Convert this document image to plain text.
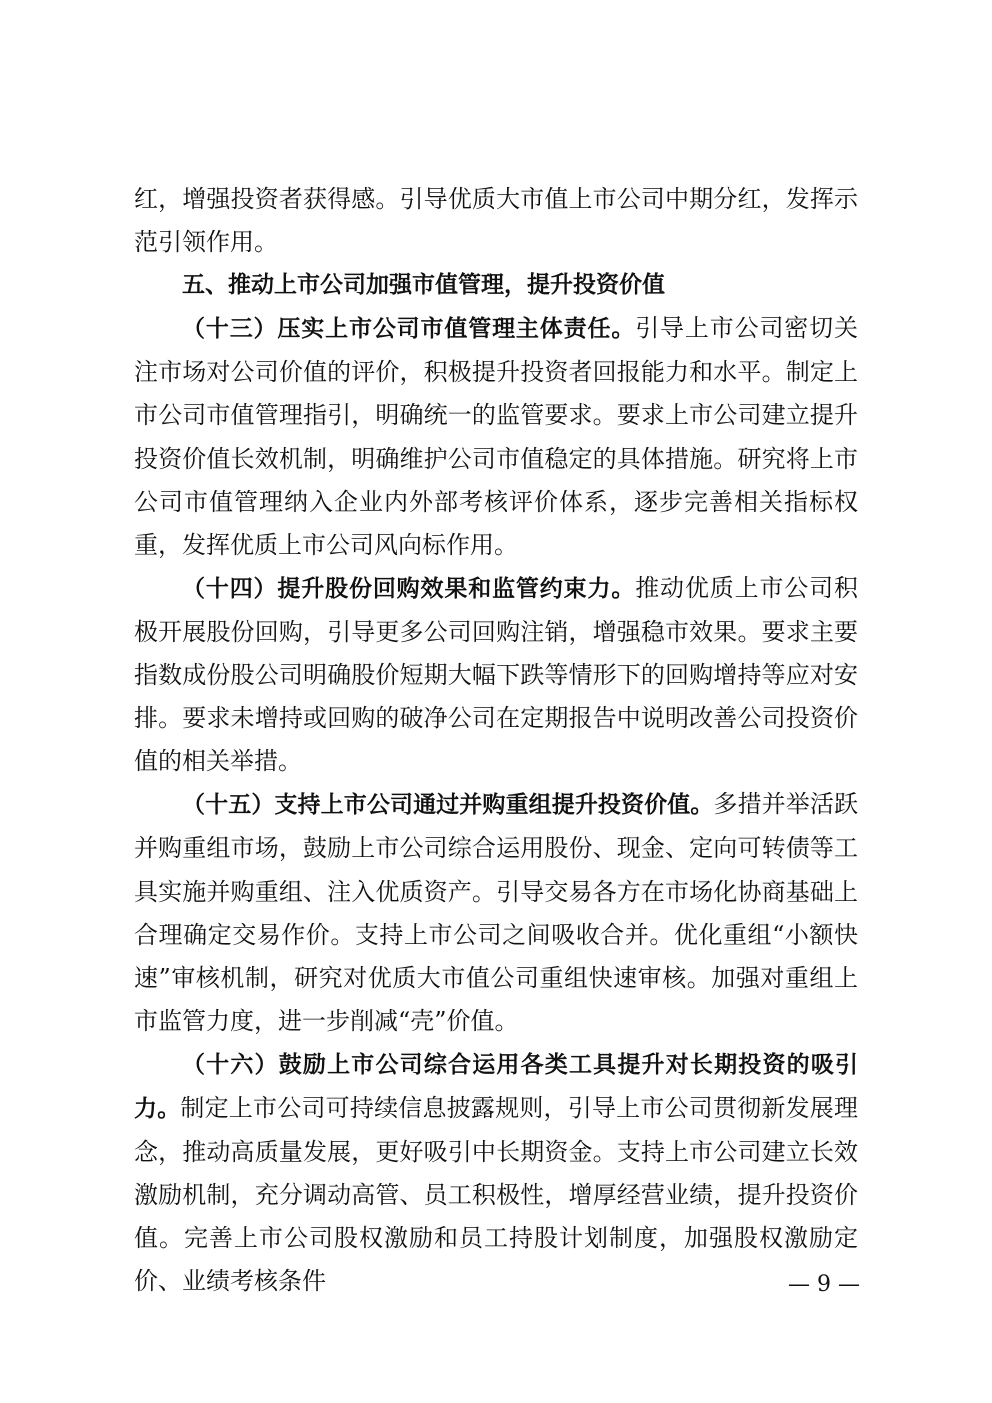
红，增强投资者获得感。引导优质大市值上市公司中期分红，发挥示范引领作用。

五、推动上市公司加强市值管理，提升投资价值

（十三）压实上市公司市值管理主体责任。引导上市公司密切关注市场对公司价值的评价，积极提升投资者回报能力和水平。制定上市公司市值管理指引，明确统一的监管要求。要求上市公司建立提升投资价值长效机制，明确维护公司市值稳定的具体措施。研究将上市公司市值管理纳入企业内外部考核评价体系，逐步完善相关指标权重，发挥优质上市公司风向标作用。

（十四）提升股份回购效果和监管约束力。推动优质上市公司积极开展股份回购，引导更多公司回购注销，增强稳市效果。要求主要指数成份股公司明确股价短期大幅下跌等情形下的回购增持等应对安排。要求未增持或回购的破净公司在定期报告中说明改善公司投资价值的相关举措。

（十五）支持上市公司通过并购重组提升投资价值。多措并举活跃并购重组市场，鼓励上市公司综合运用股份、现金、定向可转债等工具实施并购重组、注入优质资产。引导交易各方在市场化协商基础上合理确定交易作价。支持上市公司之间吸收合并。优化重组“小额快速”审核机制，研究对优质大市值公司重组快速审核。加强对重组上市监管力度，进一步削减“壳”价值。

（十六）鼓励上市公司综合运用各类工具提升对长期投资的吸引力。制定上市公司可持续信息披露规则，引导上市公司贯彻新发展理念，推动高质量发展，更好吸引中长期资金。支持上市公司建立长效激励机制，充分调动高管、员工积极性，增厚经营业绩，提升投资价值。完善上市公司股权激励和员工持股计划制度，加强股权激励定价、业绩考核条件	— 9 —
